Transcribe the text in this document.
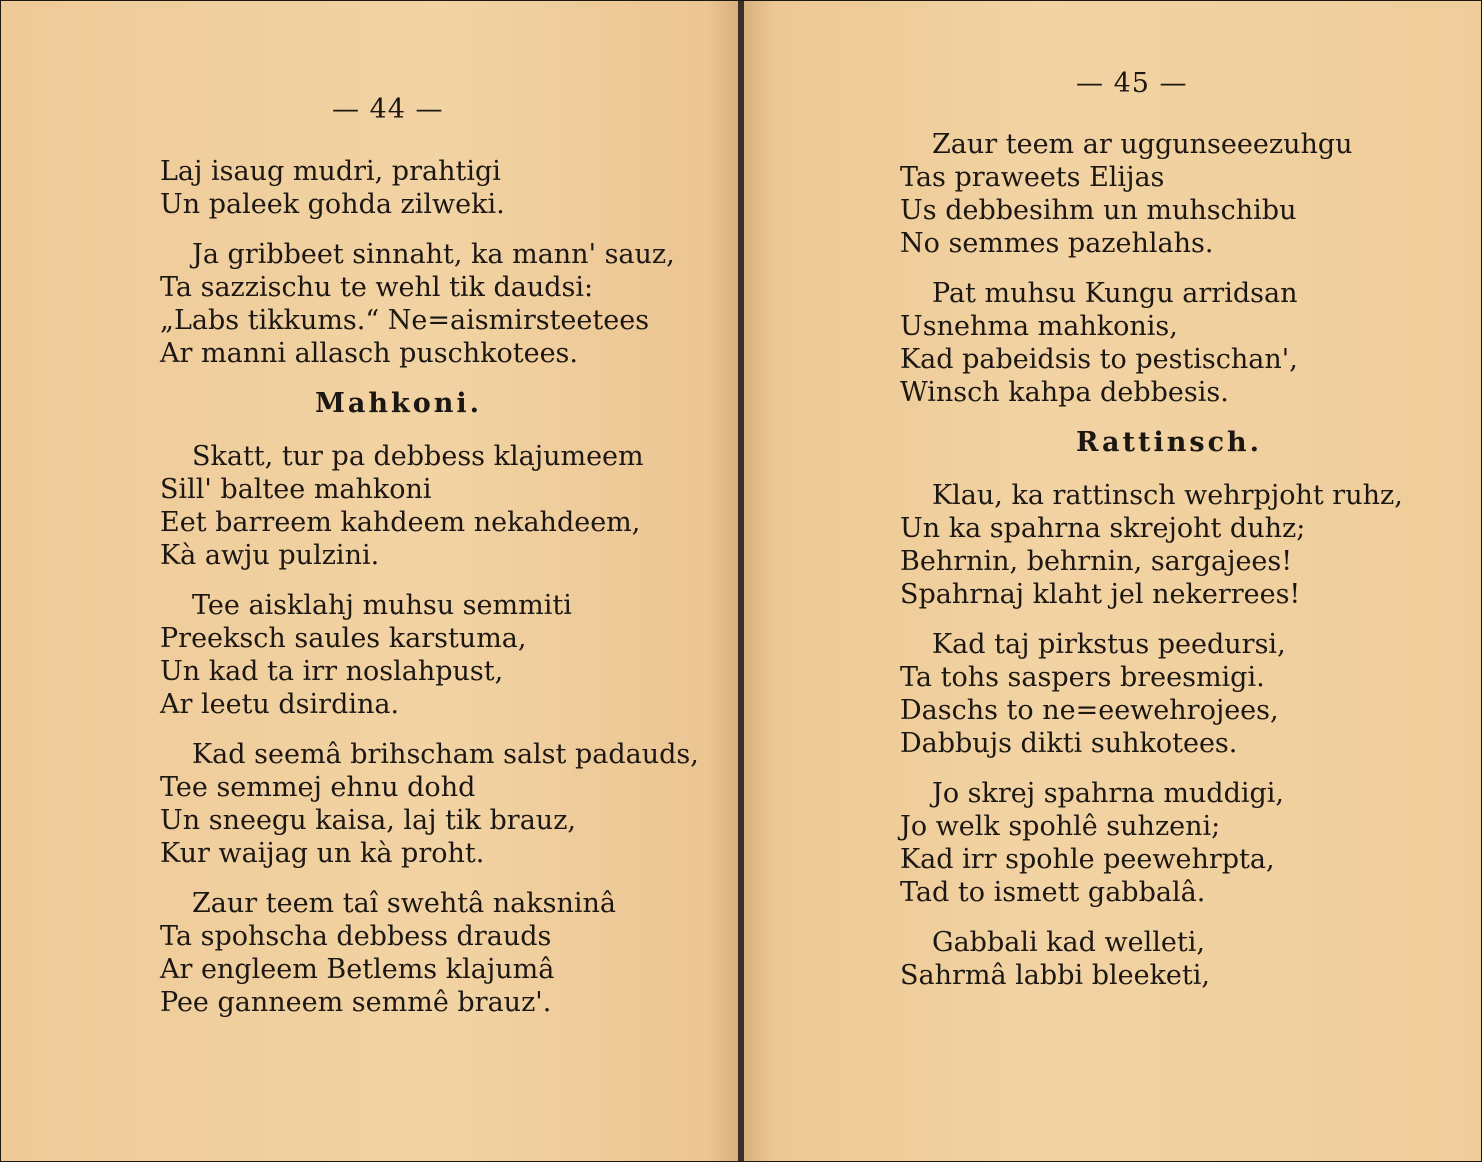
— 44 —
Laj isaug mudri, prahtigi
Un paleek gohda zilweki.
Ja gribbeet sinnaht, ka mann' sauz,
Ta sazzischu te wehl tik daudsi:
„Labs tikkums.“ Ne=aismirsteetees
Ar manni allasch puschkotees.
Mahkoni.
Skatt, tur pa debbess klajumeem
Sill' baltee mahkoni
Eet barreem kahdeem nekahdeem,
Kà awju pulzini.
Tee aisklahj muhsu semmiti
Preeksch saules karstuma,
Un kad ta irr noslahpust,
Ar leetu dsirdina.
Kad seemâ brihscham salst padauds,
Tee semmej ehnu dohd
Un sneegu kaisa, laj tik brauz,
Kur waijag un kà proht.
Zaur teem taî swehtâ naksninâ
Ta spohscha debbess drauds
Ar engleem Betlems klajumâ
Pee ganneem semmê brauz'.
— 45 —
Zaur teem ar uggunseeezuhgu
Tas praweets Elijas
Us debbesihm un muhschibu
No semmes pazehlahs.
Pat muhsu Kungu arridsan
Usnehma mahkonis,
Kad pabeidsis to pestischan',
Winsch kahpa debbesis.
Rattinsch.
Klau, ka rattinsch wehrpjoht ruhz,
Un ka spahrna skrejoht duhz;
Behrnin, behrnin, sargajees!
Spahrnaj klaht jel nekerrees!
Kad taj pirkstus peedursi,
Ta tohs saspers breesmigi.
Daschs to ne=eewehrojees,
Dabbujs dikti suhkotees.
Jo skrej spahrna muddigi,
Jo welk spohlê suhzeni;
Kad irr spohle peewehrpta,
Tad to ismett gabbalâ.
Gabbali kad welleti,
Sahrmâ labbi bleeketi,
